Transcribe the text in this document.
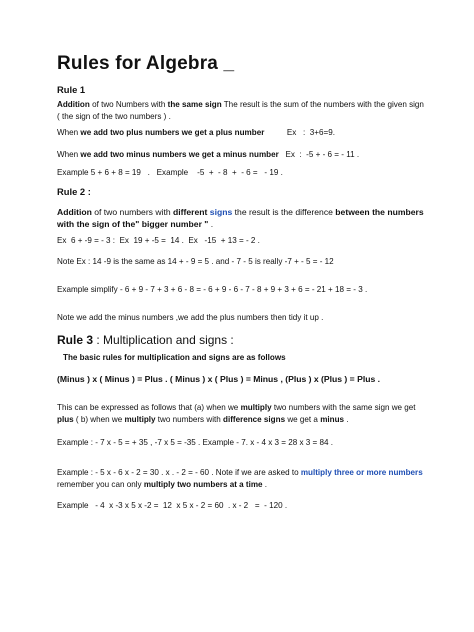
Rules for Algebra _
Rule 1
Addition of two Numbers with the same sign The result is the sum of the numbers with the given sign ( the sign of the two numbers ) .
When we add two plus numbers we get a plus number          Ex   :  3+6=9.
When we add two minus numbers we get a minus number   Ex  :  -5 + - 6 = - 11 .
Example 5 + 6 + 8 = 19   .   Example    -5  +  - 8  +  - 6 =   - 19 .
Rule 2 :
Addition of two numbers with different signs the result is the difference between the numbers with the sign of the" bigger number " .
Ex  6 + -9 = - 3 :  Ex  19 + -5 =  14 .  Ex   -15  + 13 = - 2 .
Note Ex : 14 -9 is the same as 14 + - 9 = 5 . and - 7 - 5 is really -7 + - 5 = - 12
Example simplify - 6 + 9 - 7 + 3 + 6 - 8 = - 6 + 9 - 6 - 7 - 8 + 9 + 3 + 6 = - 21 + 18 = - 3 .
Note we add the minus numbers ,we add the plus numbers then tidy it up .
Rule 3 : Multiplication and signs :
The basic rules for multiplication and signs are as follows
(Minus ) x ( Minus ) = Plus . ( Minus ) x ( Plus ) = Minus , (Plus ) x (Plus ) = Plus .
This can be expressed as follows that (a) when we multiply two numbers with the same sign we get plus ( b) when we multiply two numbers with difference signs we get a minus .
Example : - 7 x - 5 = + 35 , -7 x 5 = -35 . Example - 7. x - 4 x 3 = 28 x 3 = 84 .
Example : - 5 x - 6 x - 2 = 30 . x . - 2 = - 60 . Note if we are asked to multiply three or more numbers remember you can only multiply two numbers at a time .
Example   - 4  x -3 x 5 x -2 =  12  x 5 x - 2 = 60  . x - 2   =  - 120 .
